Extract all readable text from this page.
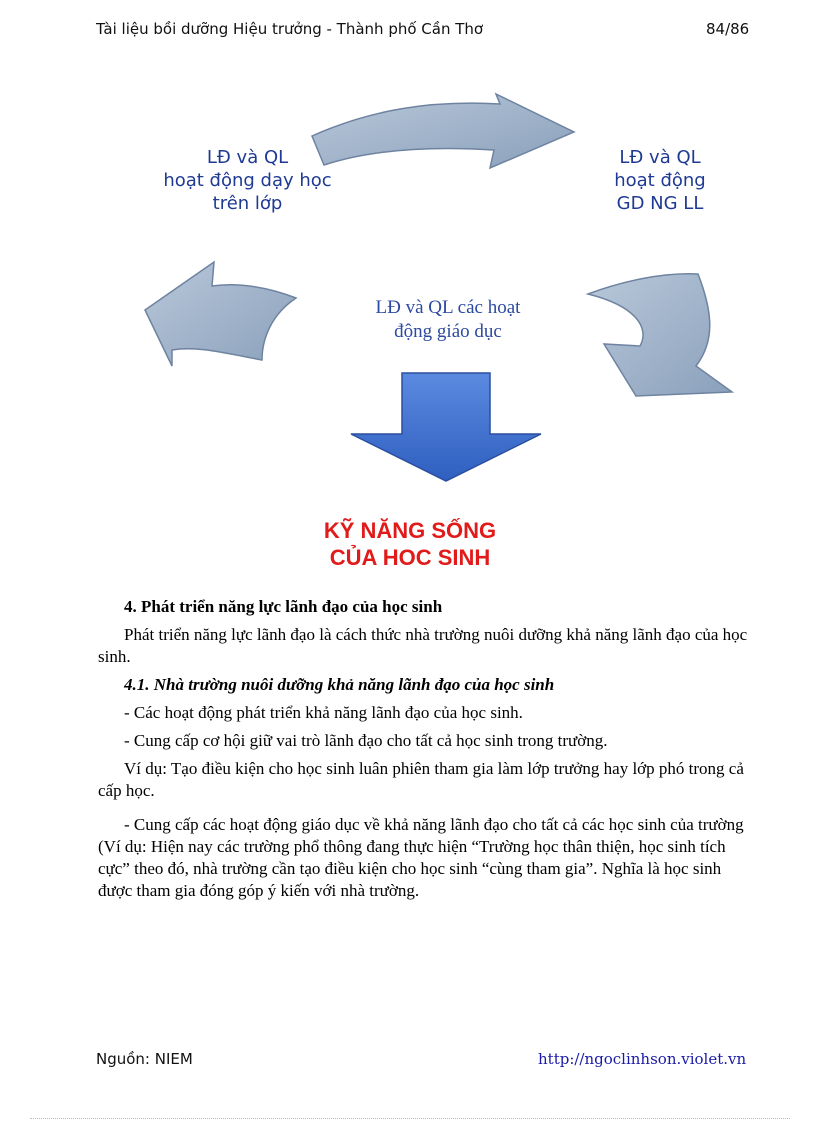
Tài liệu bồi dưỡng Hiệu trưởng - Thành phố Cần Thơ	84/86
LĐ và QL
hoạt động dạy học
trên lớp
LĐ và QL
hoạt động
GD NG LL
LĐ và QL các hoạt
động giáo dục
KỸ NĂNG SỐNG
CỦA HOC SINH

4. Phát triển năng lực lãnh đạo của học sinh

Phát triển năng lực lãnh đạo là cách thức nhà trường nuôi dưỡng khả năng lãnh đạo của học sinh.

4.1. Nhà trường nuôi dưỡng khả năng lãnh đạo của học sinh

- Các hoạt động phát triển khả năng lãnh đạo của học sinh.

- Cung cấp cơ hội giữ vai trò lãnh đạo cho tất cả học sinh trong trường.

Ví dụ: Tạo điều kiện cho học sinh luân phiên tham gia làm lớp trưởng hay lớp phó trong cả cấp học.

- Cung cấp các hoạt động giáo dục về khả năng lãnh đạo cho tất cả các học sinh của trường (Ví dụ: Hiện nay các trường phổ thông đang thực hiện “Trường học thân thiện, học sinh tích cực” theo đó, nhà trường cần tạo điều kiện cho học sinh “cùng tham gia”. Nghĩa là học sinh được tham gia đóng góp ý kiến với nhà trường.

Nguồn: NIEM	http://ngoclinhson.violet.vn
